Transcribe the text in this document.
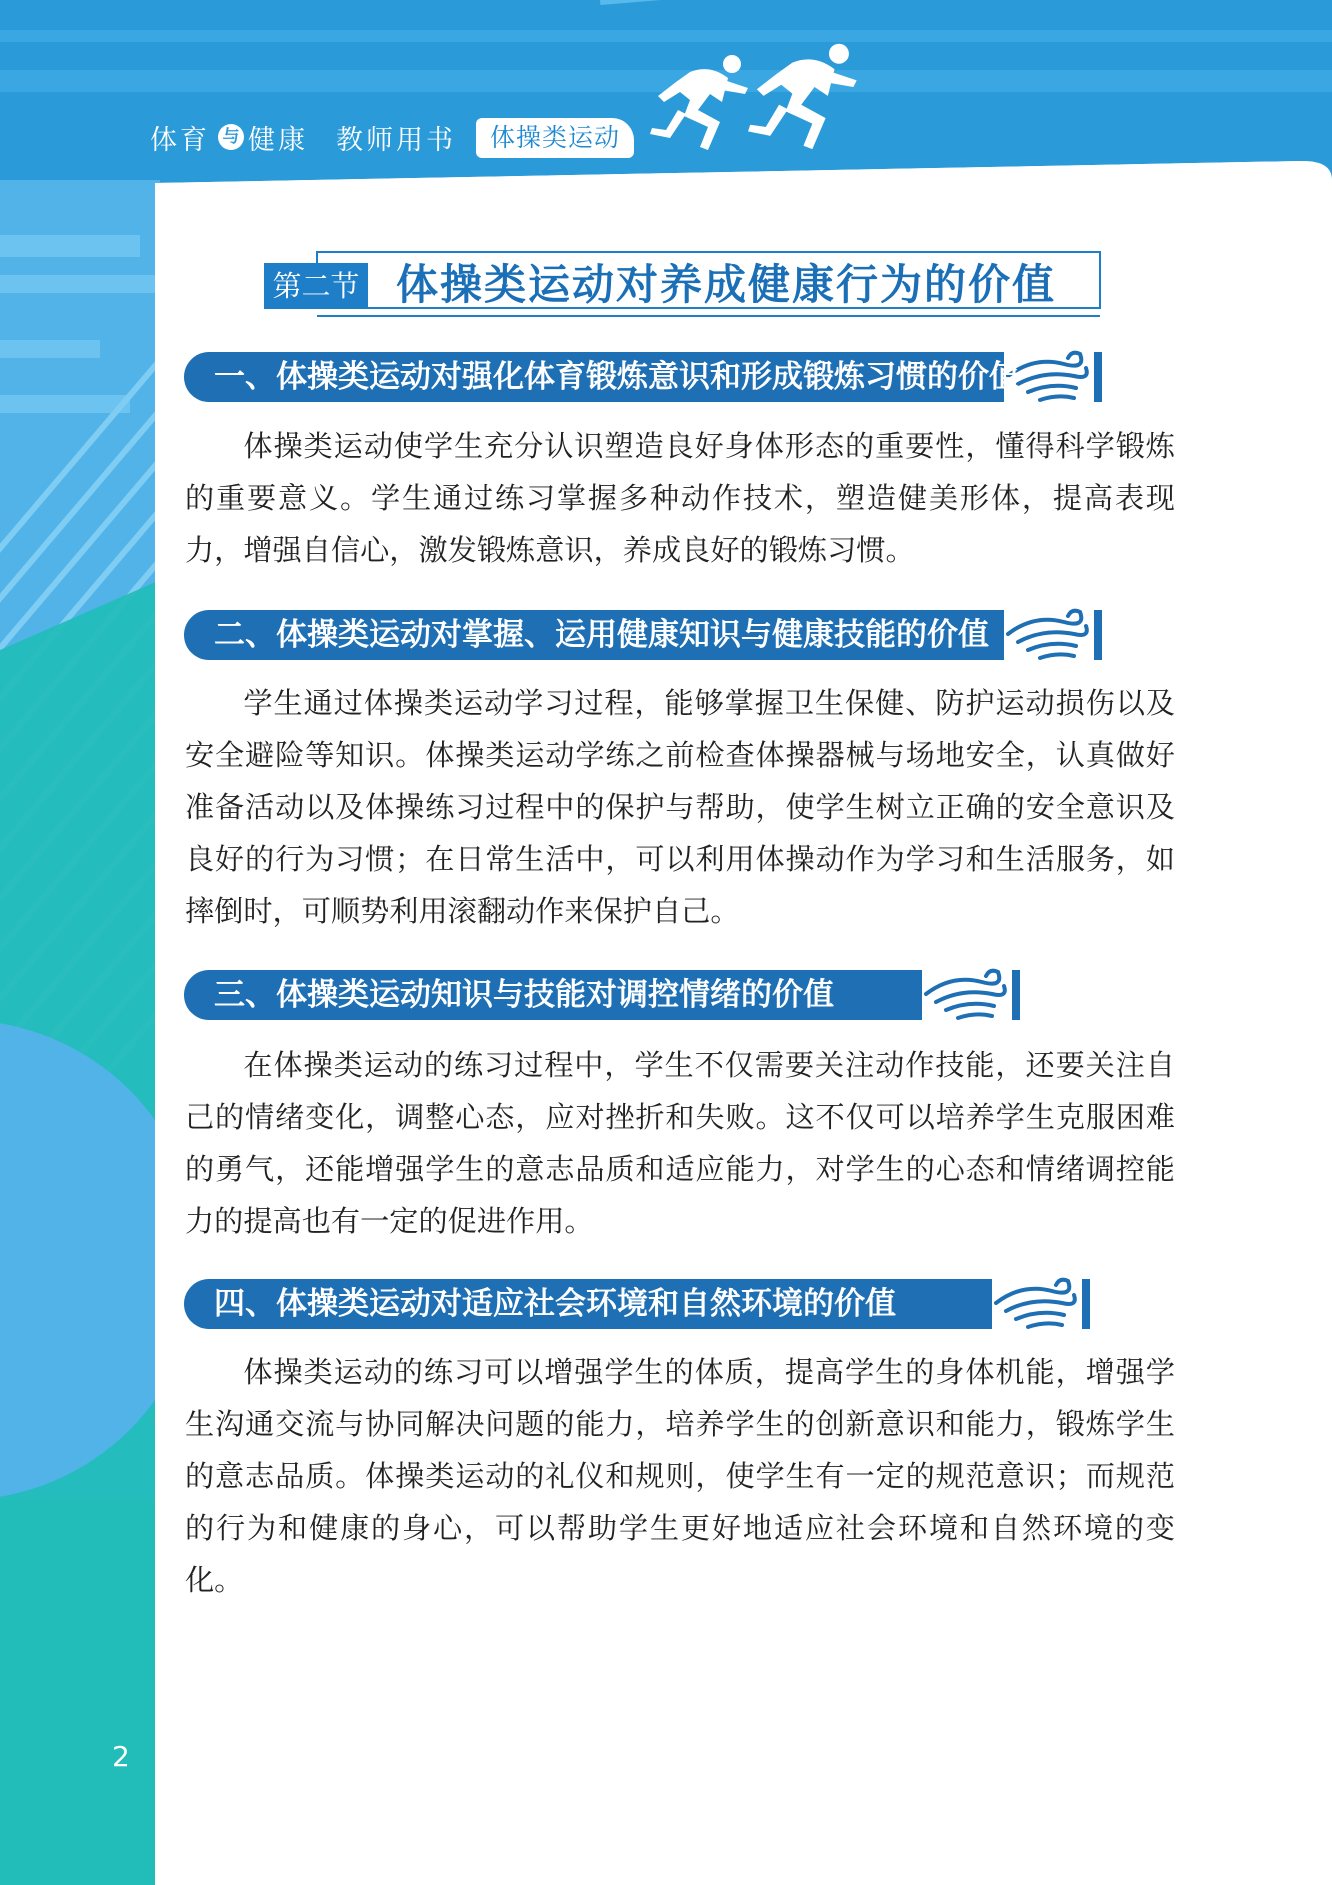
体育 与 健康 教师用书	体操类运动
第二节 体操类运动对养成健康行为的价值
一、体操类运动对强化体育锻炼意识和形成锻炼习惯的价值

体操类运动使学生充分认识塑造良好身体形态的重要性，懂得科学锻炼的重要意义。学生通过练习掌握多种动作技术，塑造健美形体，提高表现力，增强自信心，激发锻炼意识，养成良好的锻炼习惯。

二、体操类运动对掌握、运用健康知识与健康技能的价值

学生通过体操类运动学习过程，能够掌握卫生保健、防护运动损伤以及安全避险等知识。体操类运动学练之前检查体操器械与场地安全，认真做好准备活动以及体操练习过程中的保护与帮助，使学生树立正确的安全意识及良好的行为习惯；在日常生活中，可以利用体操动作为学习和生活服务，如摔倒时，可顺势利用滚翻动作来保护自己。

三、体操类运动知识与技能对调控情绪的价值

在体操类运动的练习过程中，学生不仅需要关注动作技能，还要关注自己的情绪变化，调整心态，应对挫折和失败。这不仅可以培养学生克服困难的勇气，还能增强学生的意志品质和适应能力，对学生的心态和情绪调控能力的提高也有一定的促进作用。

四、体操类运动对适应社会环境和自然环境的价值

体操类运动的练习可以增强学生的体质，提高学生的身体机能，增强学生沟通交流与协同解决问题的能力，培养学生的创新意识和能力，锻炼学生的意志品质。体操类运动的礼仪和规则，使学生有一定的规范意识；而规范的行为和健康的身心，可以帮助学生更好地适应社会环境和自然环境的变化。

2
